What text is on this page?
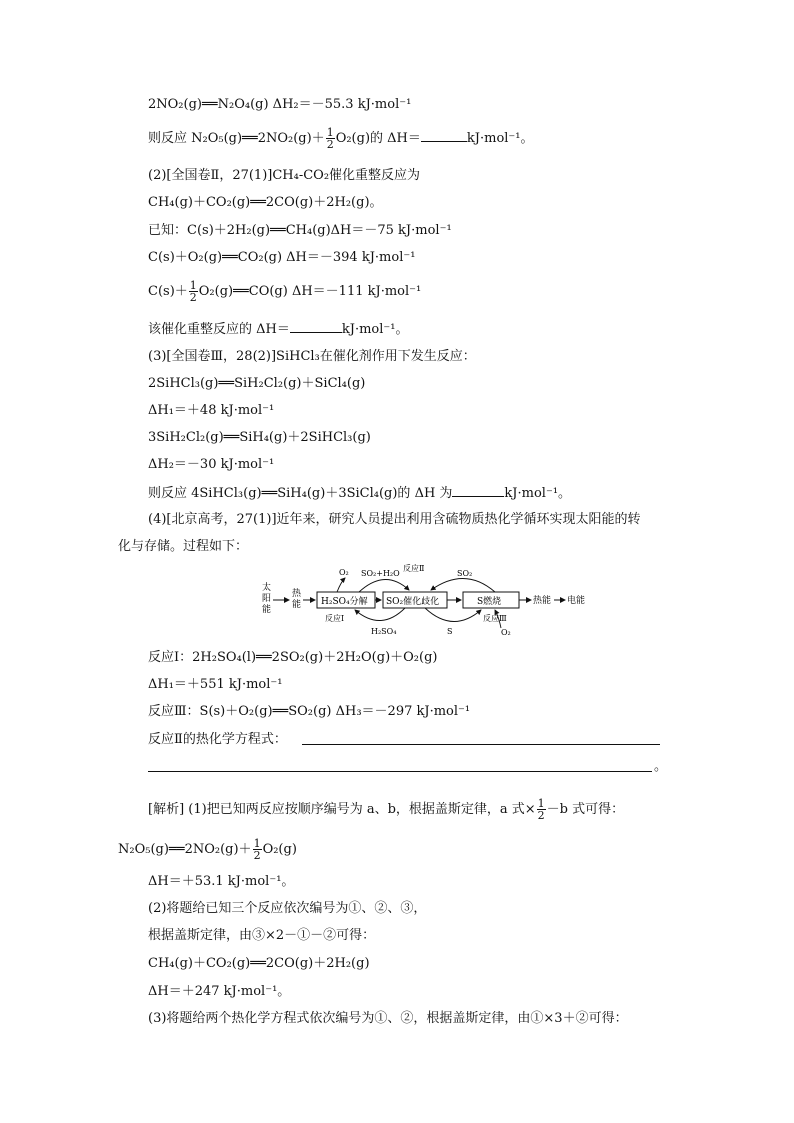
2NO₂(g)══N₂O₄(g) ΔH₂＝－55.3 kJ·mol⁻¹
则反应 N₂O₅(g)══2NO₂(g)＋ $\frac{1}{2} O_2(g)$的 ΔH＝	kJ·mol⁻¹。
(2)[全国卷Ⅱ，27(1)]CH₄-CO₂催化重整反应为
CH₄(g)＋CO₂(g)══2CO(g)＋2H₂(g)。
已知：C(s)＋2H₂(g)══CH₄(g)ΔH＝－75 kJ·mol⁻¹
C(s)＋O₂(g)══CO₂(g) ΔH＝－394 kJ·mol⁻¹
$C(s)+ \frac{1}{2}$ O₂(g)══CO(g) ΔH＝－111 kJ·mol⁻¹
该催化重整反应的 ΔH＝	kJ·mol⁻¹。
(3)[全国卷Ⅲ，28(2)]SiHCl₃在催化剂作用下发生反应：
2SiHCl₃(g)══SiH₂Cl₂(g)＋SiCl₄(g)
ΔH₁＝＋48 kJ·mol⁻¹
3SiH₂Cl₂(g)══SiH₄(g)＋2SiHCl₃(g)
ΔH₂＝－30 kJ·mol⁻¹
则反应 4SiHCl₃(g)══SiH₄(g)＋3SiCl₄(g)的 ΔH 为	kJ·mol⁻¹。
(4)[北京高考，27(1)]近年来，研究人员提出利用含硫物质热化学循环实现太阳能的转
化与存储。过程如下：
太
阳
能
热
能 H₂SO₄分解
反应Ⅰ
SO₂催化歧化	S燃烧
反应Ⅲ
热能 电能
O₂ SO₂+H₂O
反应Ⅱ
SO₂
H₂SO₄	S	O₂
反应Ⅰ：2H₂SO₄(l)══2SO₂(g)＋2H₂O(g)＋O₂(g)
ΔH₁＝＋551 kJ·mol⁻¹
反应Ⅲ：S(s)＋O₂(g)══SO₂(g) ΔH₃＝－297 kJ·mol⁻¹
反应Ⅱ的热化学方程式：
。
[解析] (1)把已知两反应按顺序编号为 a、b，根据盖斯定律，a 式× $\frac{1}{2} -b$ 式可得：
N₂O₅(g)══2NO₂(g)＋ $\frac{1}{2} O_2(g)$
ΔH＝＋53.1 kJ·mol⁻¹。
(2)将题给已知三个反应依次编号为①、②、③，
根据盖斯定律，由③×2－①－②可得：
CH₄(g)＋CO₂(g)══2CO(g)＋2H₂(g)
ΔH＝＋247 kJ·mol⁻¹。
(3)将题给两个热化学方程式依次编号为①、②，根据盖斯定律，由①×3＋②可得：
